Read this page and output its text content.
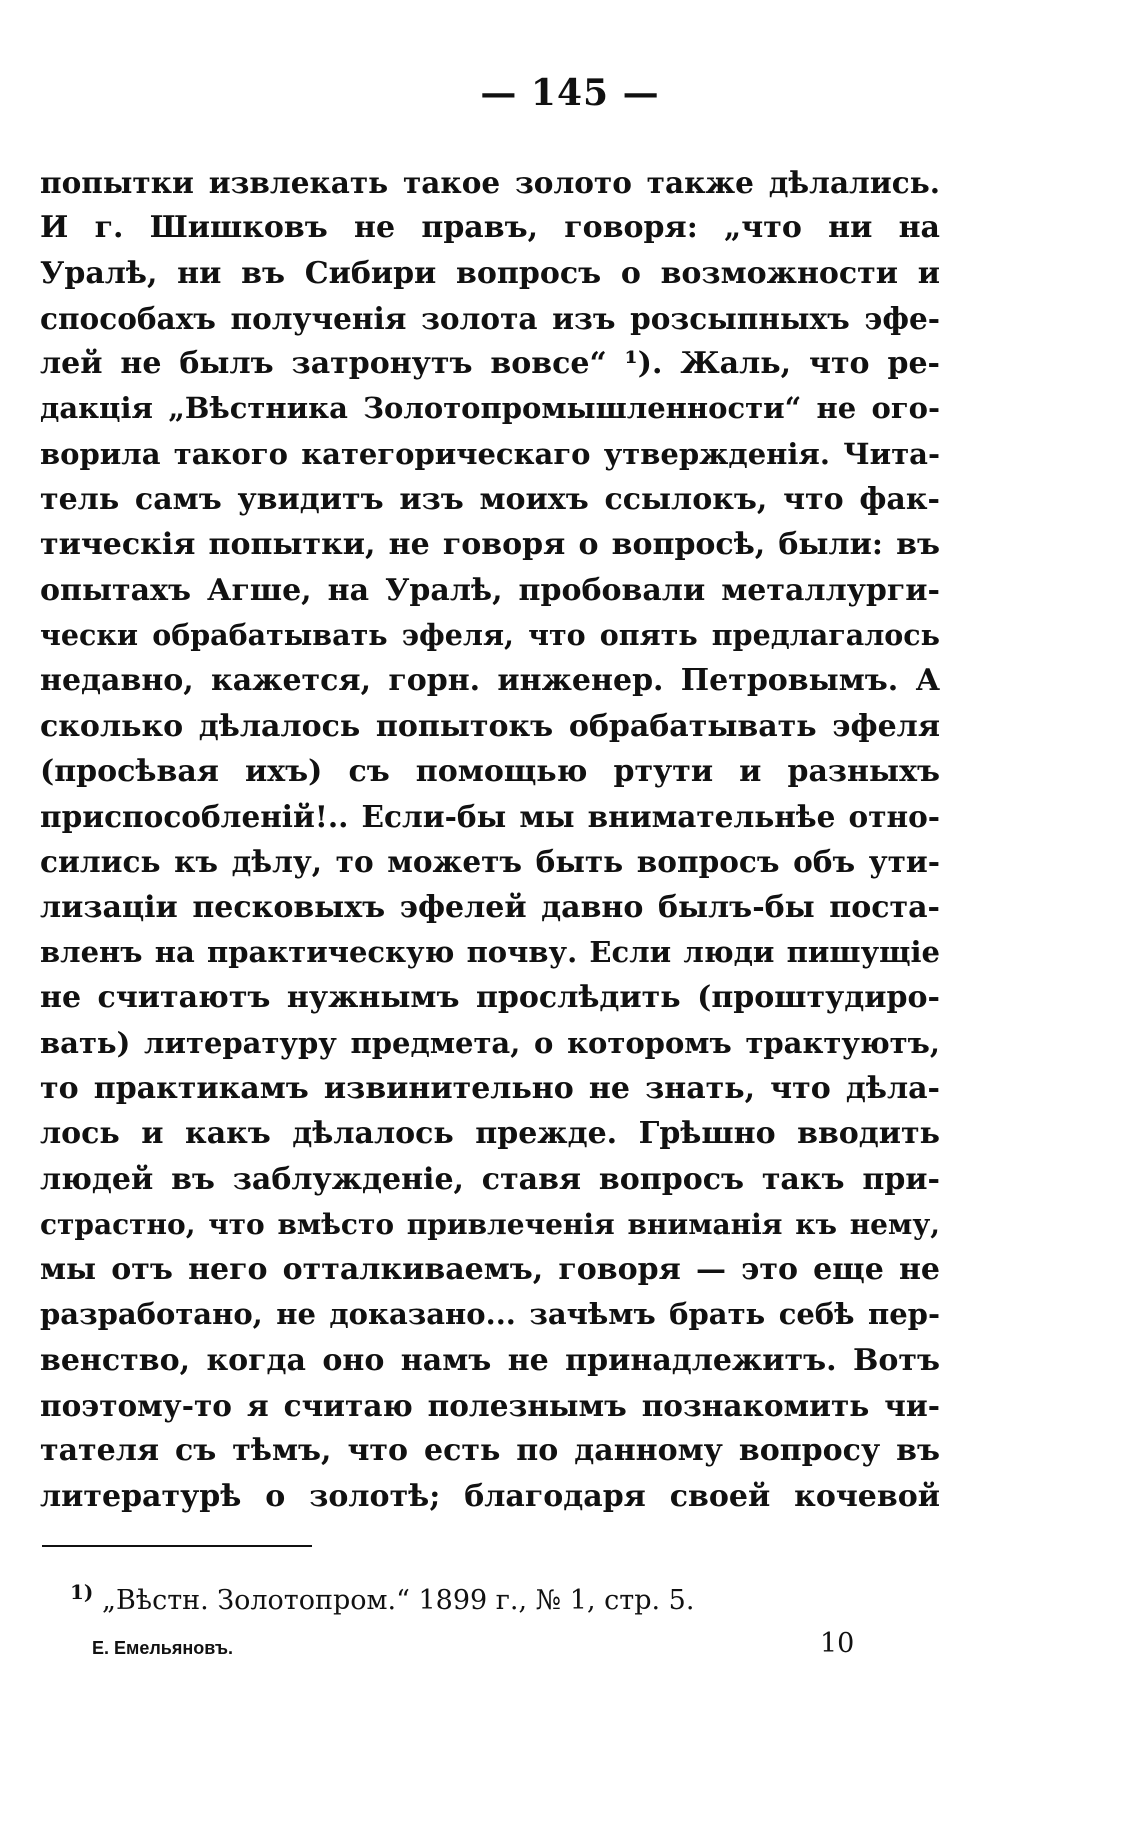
— 145 —
попытки извлекать такое золото также дѣлались.
И г. Шишковъ не правъ, говоря: „что ни на
Уралѣ, ни въ Сибири вопросъ о возможности и
способахъ полученія золота изъ розсыпныхъ эфе-
лей не былъ затронутъ вовсе“ ¹). Жаль, что ре-
дакція „Вѣстника Золотопромышленности“ не ого-
ворила такого категорическаго утвержденія. Чита-
тель самъ увидитъ изъ моихъ ссылокъ, что фак-
тическія попытки, не говоря о вопросѣ, были: въ
опытахъ Агше, на Уралѣ, пробовали металлурги-
чески обрабатывать эфеля, что опять предлагалось
недавно, кажется, горн. инженер. Петровымъ. А
сколько дѣлалось попытокъ обрабатывать эфеля
(просѣвая ихъ) съ помощью ртути и разныхъ
приспособленій!.. Если-бы мы внимательнѣе отно-
сились къ дѣлу, то можетъ быть вопросъ объ ути-
лизаціи песковыхъ эфелей давно былъ-бы поста-
вленъ на практическую почву. Если люди пишущіе
не считаютъ нужнымъ прослѣдить (проштудиро-
вать) литературу предмета, о которомъ трактуютъ,
то практикамъ извинительно не знать, что дѣла-
лось и какъ дѣлалось прежде. Грѣшно вводить
людей въ заблужденіе, ставя вопросъ такъ при-
страстно, что вмѣсто привлеченія вниманія къ нему,
мы отъ него отталкиваемъ, говоря — это еще не
разработано, не доказано... зачѣмъ брать себѣ пер-
венство, когда оно намъ не принадлежитъ. Вотъ
поэтому-то я считаю полезнымъ познакомить чи-
тателя съ тѣмъ, что есть по данному вопросу въ
литературѣ о золотѣ; благодаря своей кочевой
$^{1)}$ „Вѣстн. Золотопром.“ 1899 г., № 1, стр. 5.
Е. Емельяновъ.	10
